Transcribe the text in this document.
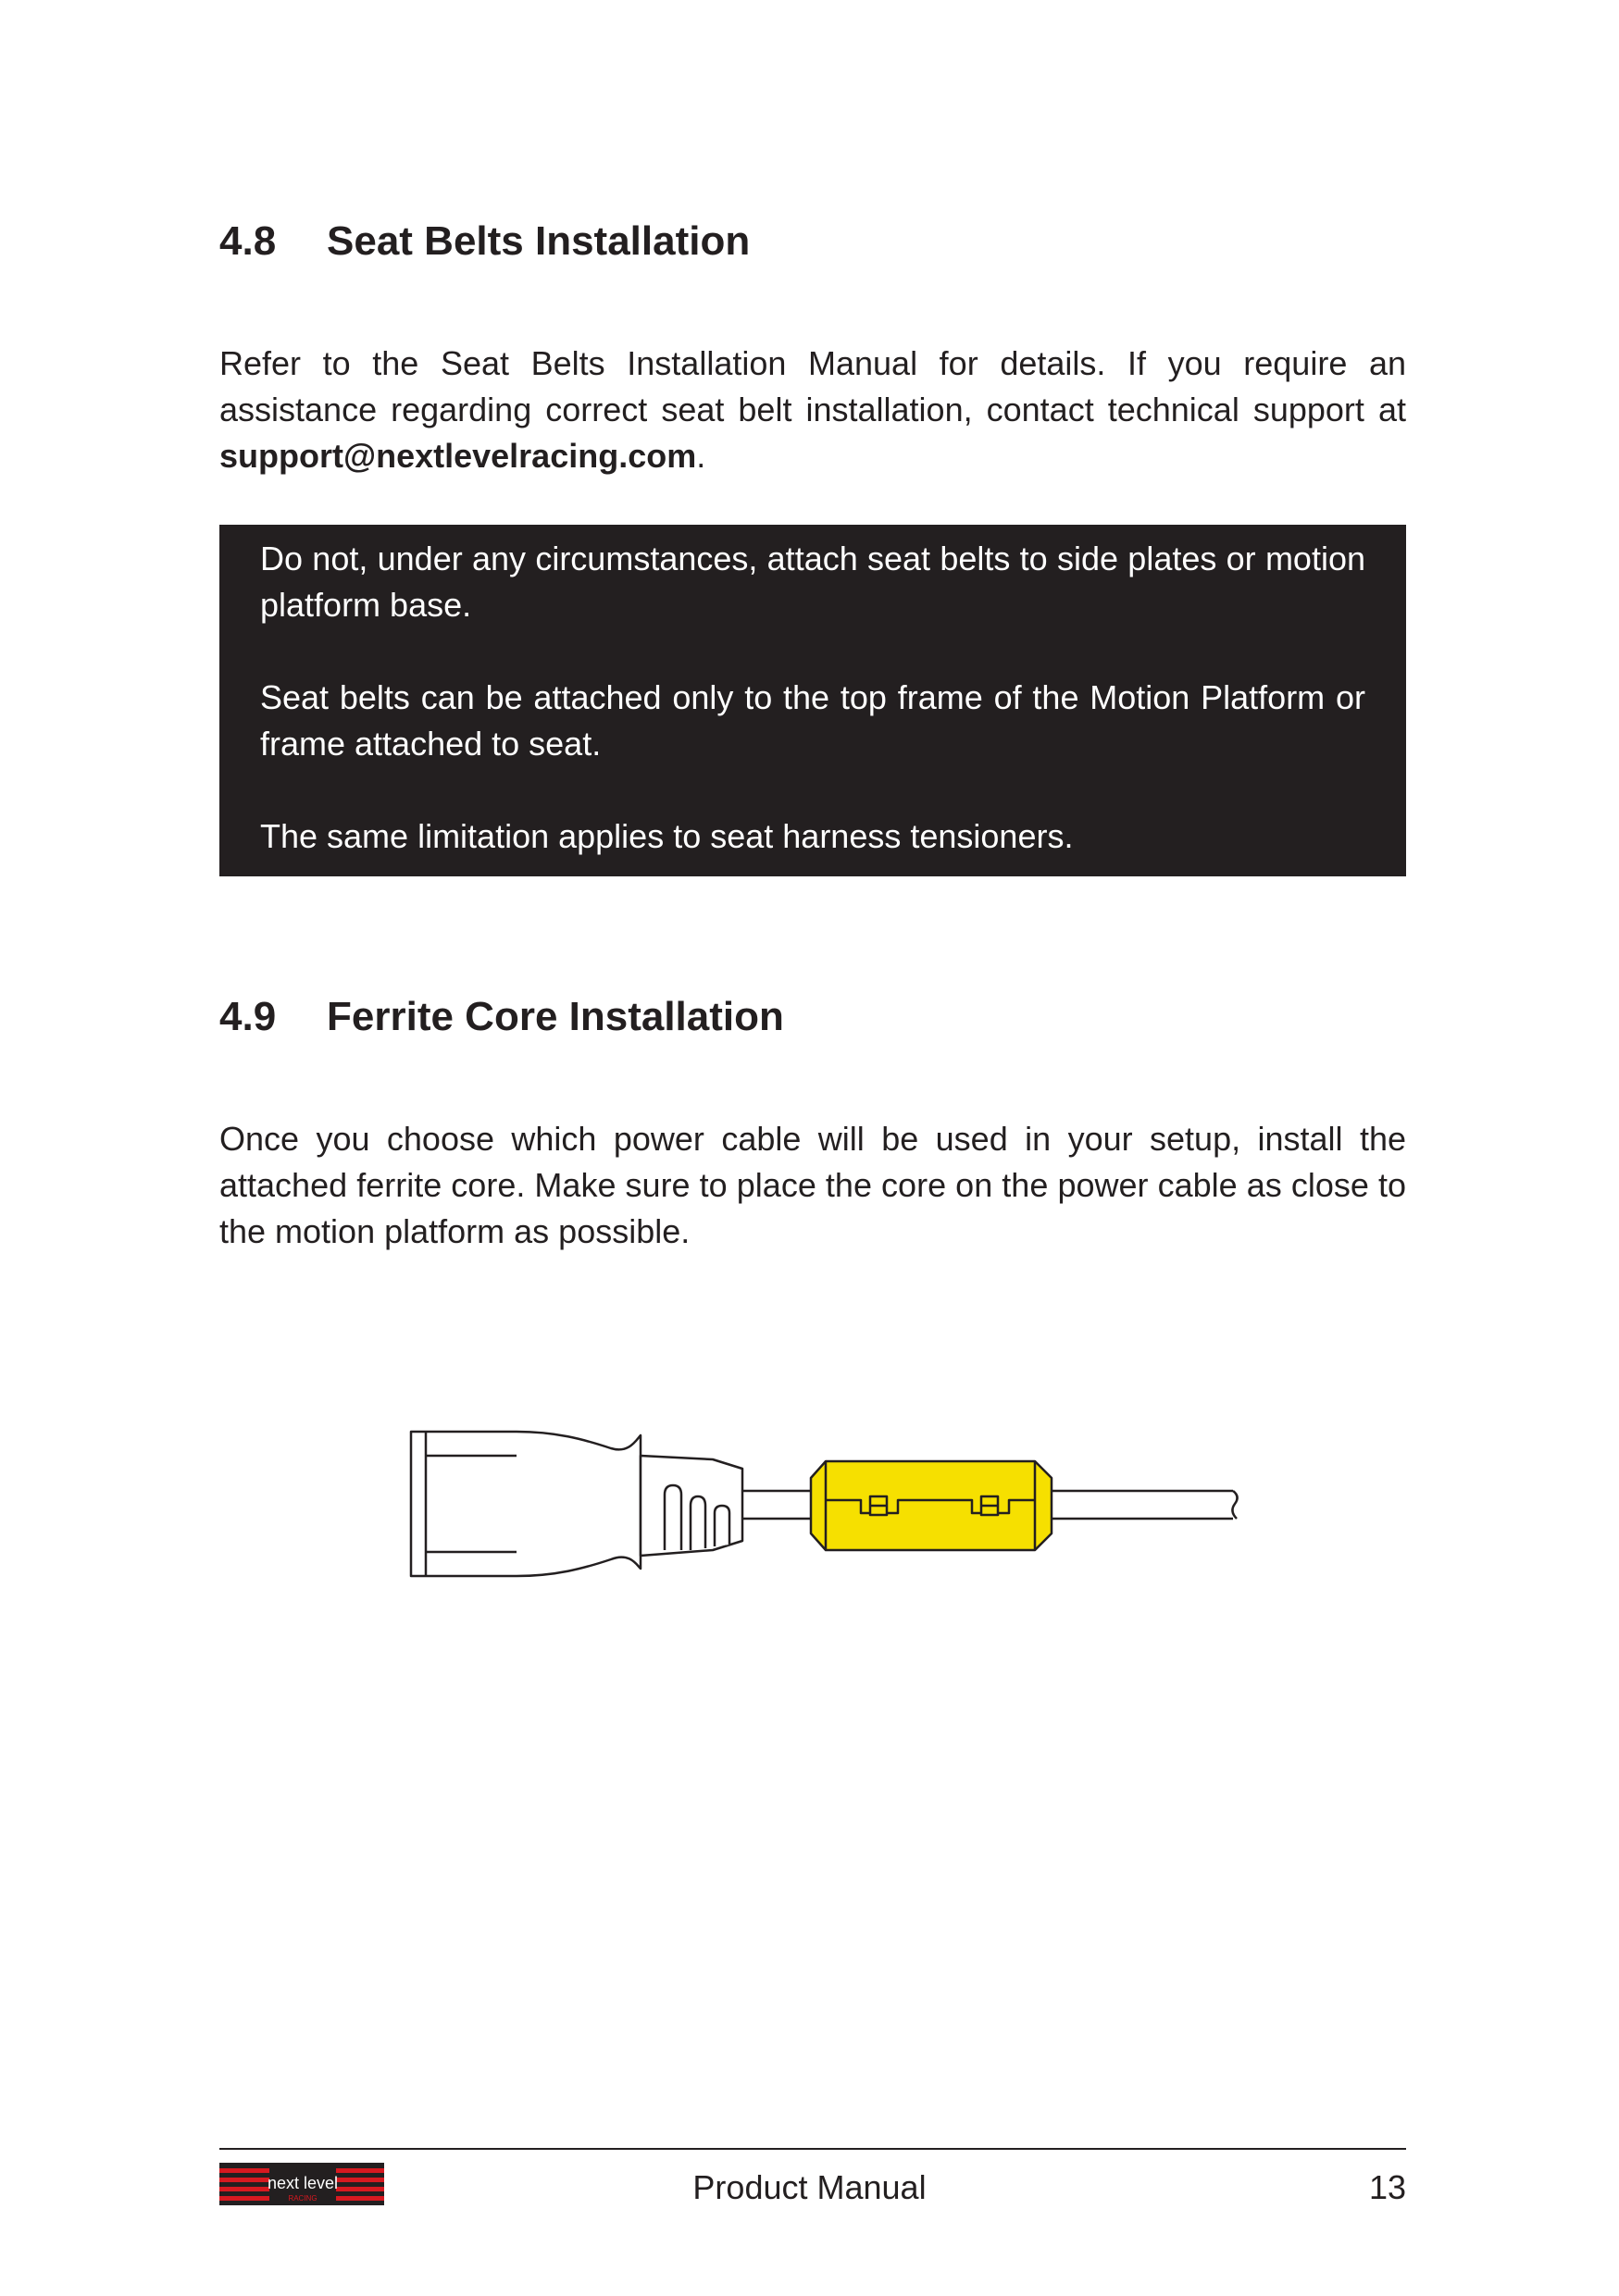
4.8	Seat Belts Installation

Refer to the Seat Belts Installation Manual for details. If you require an assistance regarding correct seat belt installation, contact technical support at support@nextlevelracing.com.

Do not, under any circumstances, attach seat belts to side plates or motion platform base.

Seat belts can be attached only to the top frame of the Motion Platform or frame attached to seat.

The same limitation applies to seat harness tensioners.

4.9	Ferrite Core Installation

Once you choose which power cable will be used in your setup, install the attached ferrite core. Make sure to place the core on the power cable as close to the motion platform as possible.

next level
RACING	Product Manual	13
